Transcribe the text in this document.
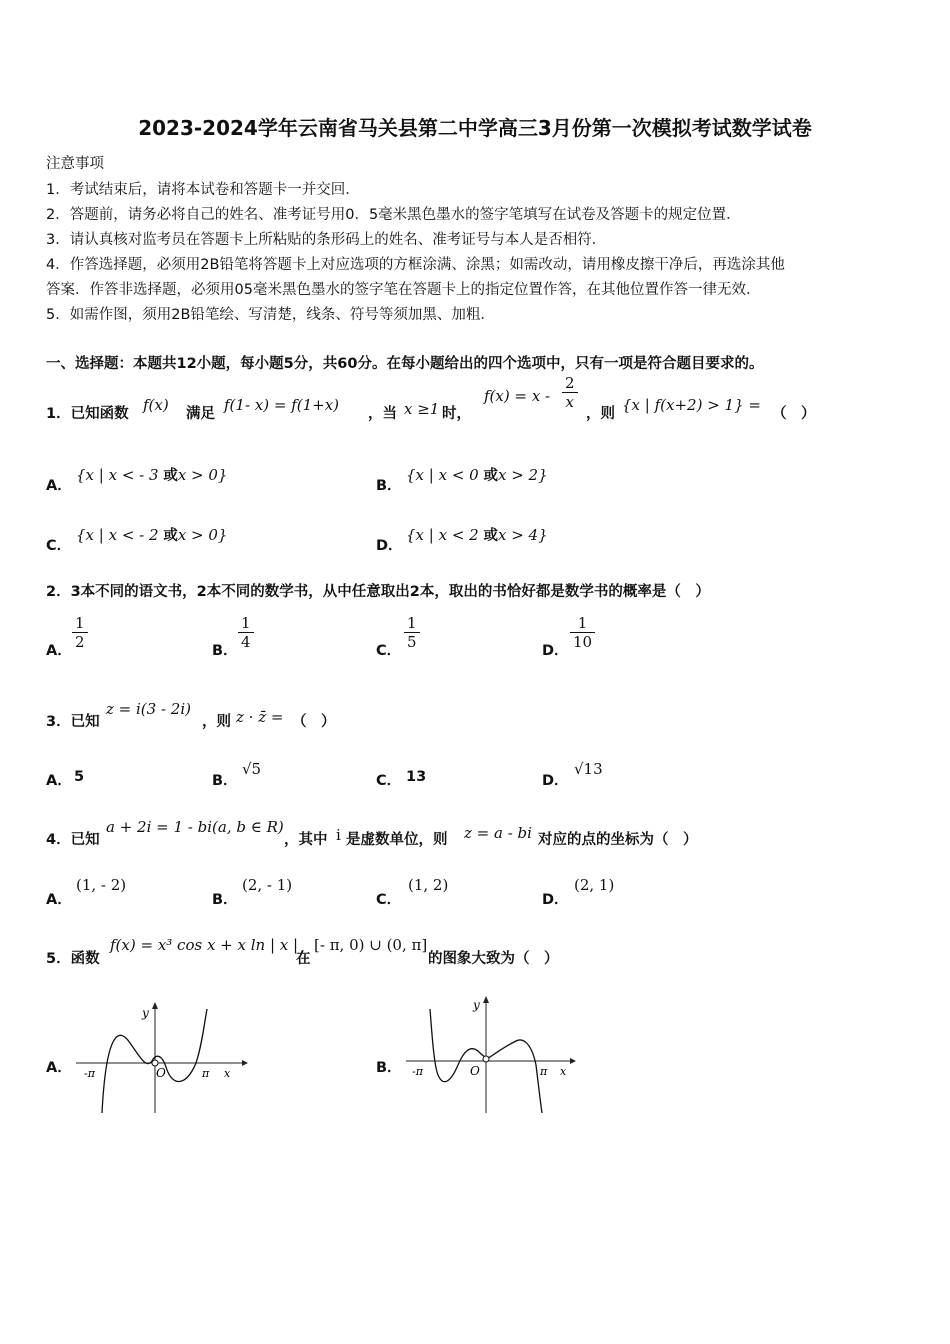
2023-2024学年云南省马关县第二中学高三3月份第一次模拟考试数学试卷
注意事项
1．考试结束后，请将本试卷和答题卡一并交回．
2．答题前，请务必将自己的姓名、准考证号用0．5毫米黑色墨水的签字笔填写在试卷及答题卡的规定位置．
3．请认真核对监考员在答题卡上所粘贴的条形码上的姓名、准考证号与本人是否相符．
4．作答选择题，必须用2B铅笔将答题卡上对应选项的方框涂满、涂黑；如需改动，请用橡皮擦干净后，再选涂其他
答案．作答非选择题，必须用05毫米黑色墨水的签字笔在答题卡上的指定位置作答，在其他位置作答一律无效．
5．如需作图，须用2B铅笔绘、写清楚，线条、符号等须加黑、加粗．
一、选择题：本题共12小题，每小题5分，共60分。在每小题给出的四个选项中，只有一项是符合题目要求的。
1．已知函数 f(x) 满足 f(1- x) = f(1+x) ，当 x ≥1 时，
$f(x) = x - \frac{2}{x}$
，则 {x | f(x+2) > 1} = （　）
A．
{x | x < - 3 或x > 0}
B．
{x | x < 0 或x > 2}
C．
{x | x < - 2 或x > 0}
D．
{x | x < 2 或x > 4}
2．3本不同的语文书，2本不同的数学书，从中任意取出2本，取出的书恰好都是数学书的概率是（　）
A． $\frac{1}{2}$	B． $\frac{1}{4}$	C． $\frac{1}{5}$	D． $\frac{1}{10}$
3．已知
z = i(3 - 2i)
，则 z · z̄ = （　）
A． 5	B．
√5
C． 13	D．
√13
4．已知
a + 2i = 1 - bi(a, b ∈ R)
，其中 i 是虚数单位，则 z = a - bi 对应的点的坐标为（　）
A．
(1, - 2)
B．
(2, - 1)
C．
(1, 2)
D．
(2, 1)
5．函数
f(x) = x³ cos x + x ln | x |
在
[- π, 0) ∪ (0, π]
的图象大致为（　）
A．
y
O
-π	π x	B．
y
O
-π	π x
